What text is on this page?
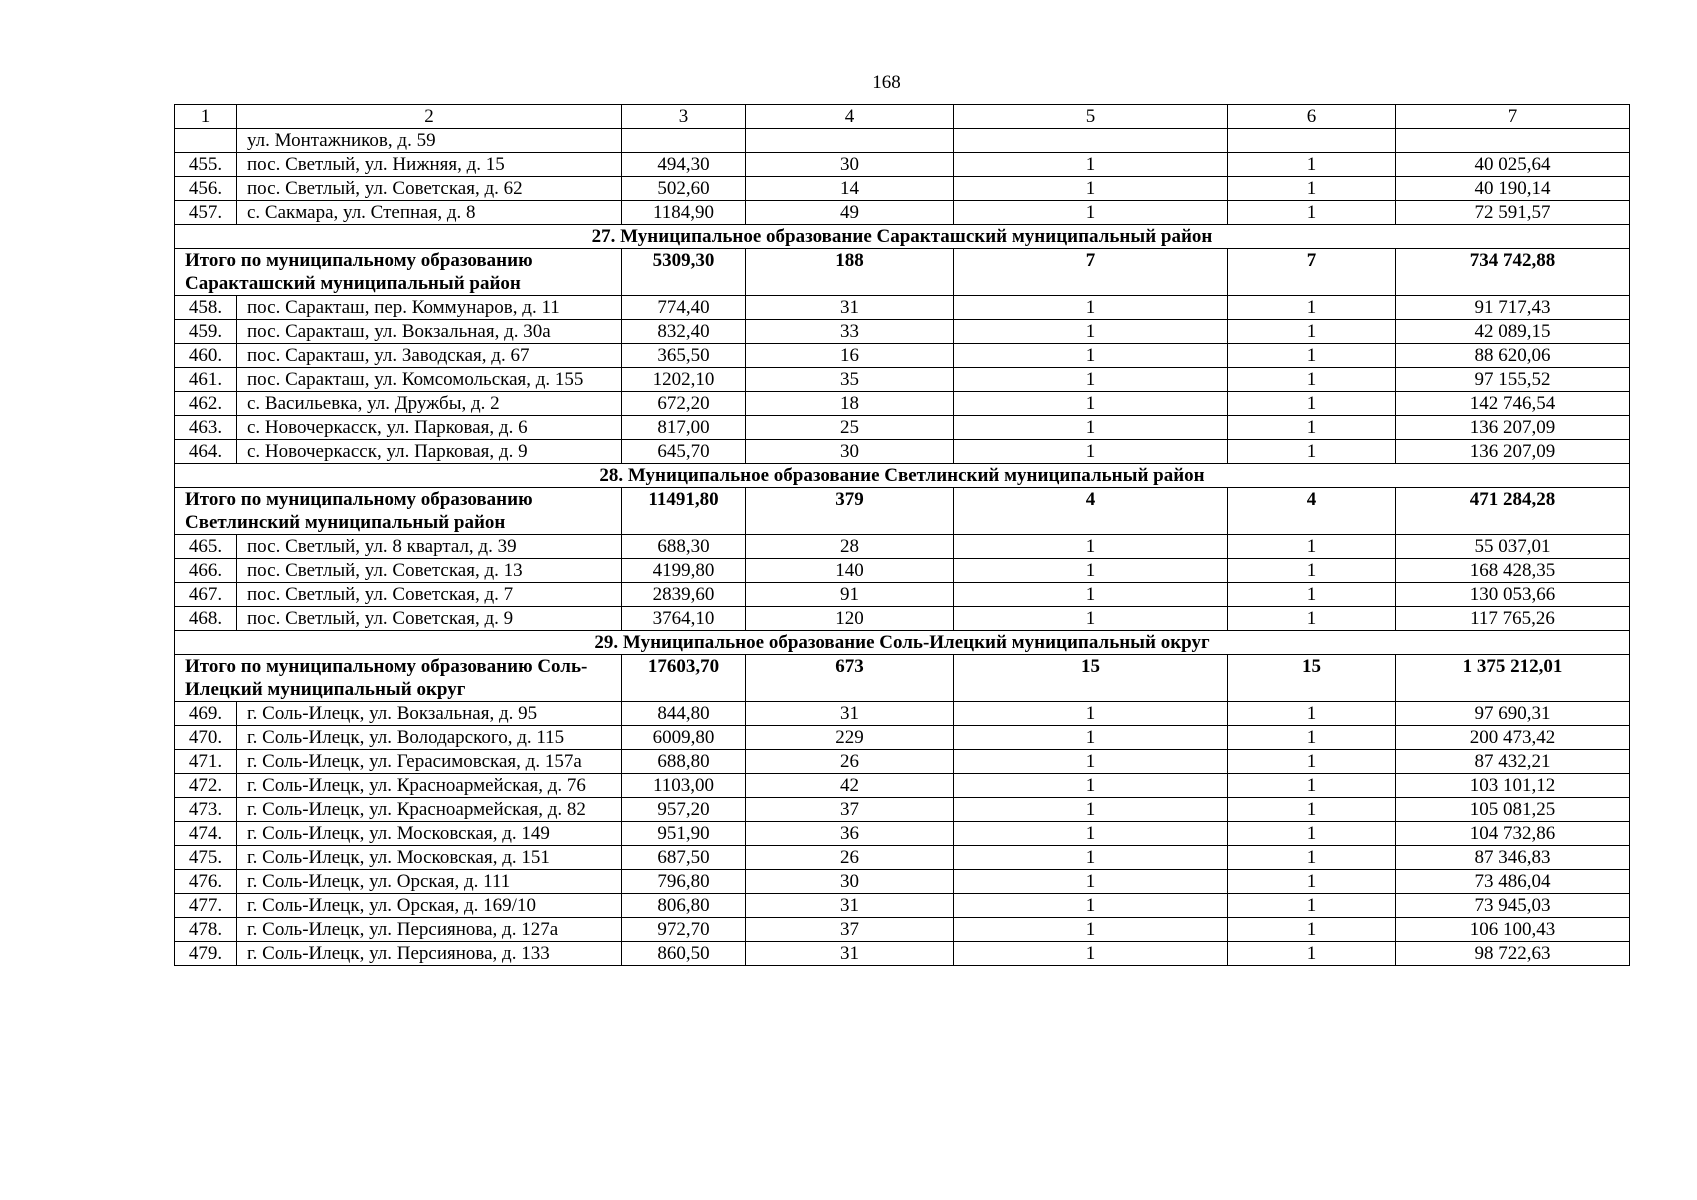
168
1	2	3	4	5	6	7
	ул. Монтажников, д. 59					
455.	пос. Светлый, ул. Нижняя, д. 15	494,30	30	1	1	40 025,64
456.	пос. Светлый, ул. Советская, д. 62	502,60	14	1	1	40 190,14
457.	с. Сакмара, ул. Степная, д. 8	1184,90	49	1	1	72 591,57
27. Муниципальное образование Саракташский муниципальный район						
Итого по муниципальному образованию Саракташский муниципальный район		5309,30	188	7	7	734 742,88
458.	пос. Саракташ, пер. Коммунаров, д. 11	774,40	31	1	1	91 717,43
459.	пос. Саракташ, ул. Вокзальная, д. 30а	832,40	33	1	1	42 089,15
460.	пос. Саракташ, ул. Заводская, д. 67	365,50	16	1	1	88 620,06
461.	пос. Саракташ, ул. Комсомольская, д. 155	1202,10	35	1	1	97 155,52
462.	с. Васильевка, ул. Дружбы, д. 2	672,20	18	1	1	142 746,54
463.	с. Новочеркасск, ул. Парковая, д. 6	817,00	25	1	1	136 207,09
464.	с. Новочеркасск, ул. Парковая, д. 9	645,70	30	1	1	136 207,09
28. Муниципальное образование Светлинский муниципальный район						
Итого по муниципальному образованию Светлинский муниципальный район		11491,80	379	4	4	471 284,28
465.	пос. Светлый, ул. 8 квартал, д. 39	688,30	28	1	1	55 037,01
466.	пос. Светлый, ул. Советская, д. 13	4199,80	140	1	1	168 428,35
467.	пос. Светлый, ул. Советская, д. 7	2839,60	91	1	1	130 053,66
468.	пос. Светлый, ул. Советская, д. 9	3764,10	120	1	1	117 765,26
29. Муниципальное образование Соль-Илецкий муниципальный округ						
Итого по муниципальному образованию Соль-Илецкий муниципальный округ		17603,70	673	15	15	1 375 212,01
469.	г. Соль-Илецк, ул. Вокзальная, д. 95	844,80	31	1	1	97 690,31
470.	г. Соль-Илецк, ул. Володарского, д. 115	6009,80	229	1	1	200 473,42
471.	г. Соль-Илецк, ул. Герасимовская, д. 157а	688,80	26	1	1	87 432,21
472.	г. Соль-Илецк, ул. Красноармейская, д. 76	1103,00	42	1	1	103 101,12
473.	г. Соль-Илецк, ул. Красноармейская, д. 82	957,20	37	1	1	105 081,25
474.	г. Соль-Илецк, ул. Московская, д. 149	951,90	36	1	1	104 732,86
475.	г. Соль-Илецк, ул. Московская, д. 151	687,50	26	1	1	87 346,83
476.	г. Соль-Илецк, ул. Орская, д. 111	796,80	30	1	1	73 486,04
477.	г. Соль-Илецк, ул. Орская, д. 169/10	806,80	31	1	1	73 945,03
478.	г. Соль-Илецк, ул. Персиянова, д. 127а	972,70	37	1	1	106 100,43
479.	г. Соль-Илецк, ул. Персиянова, д. 133	860,50	31	1	1	98 722,63
